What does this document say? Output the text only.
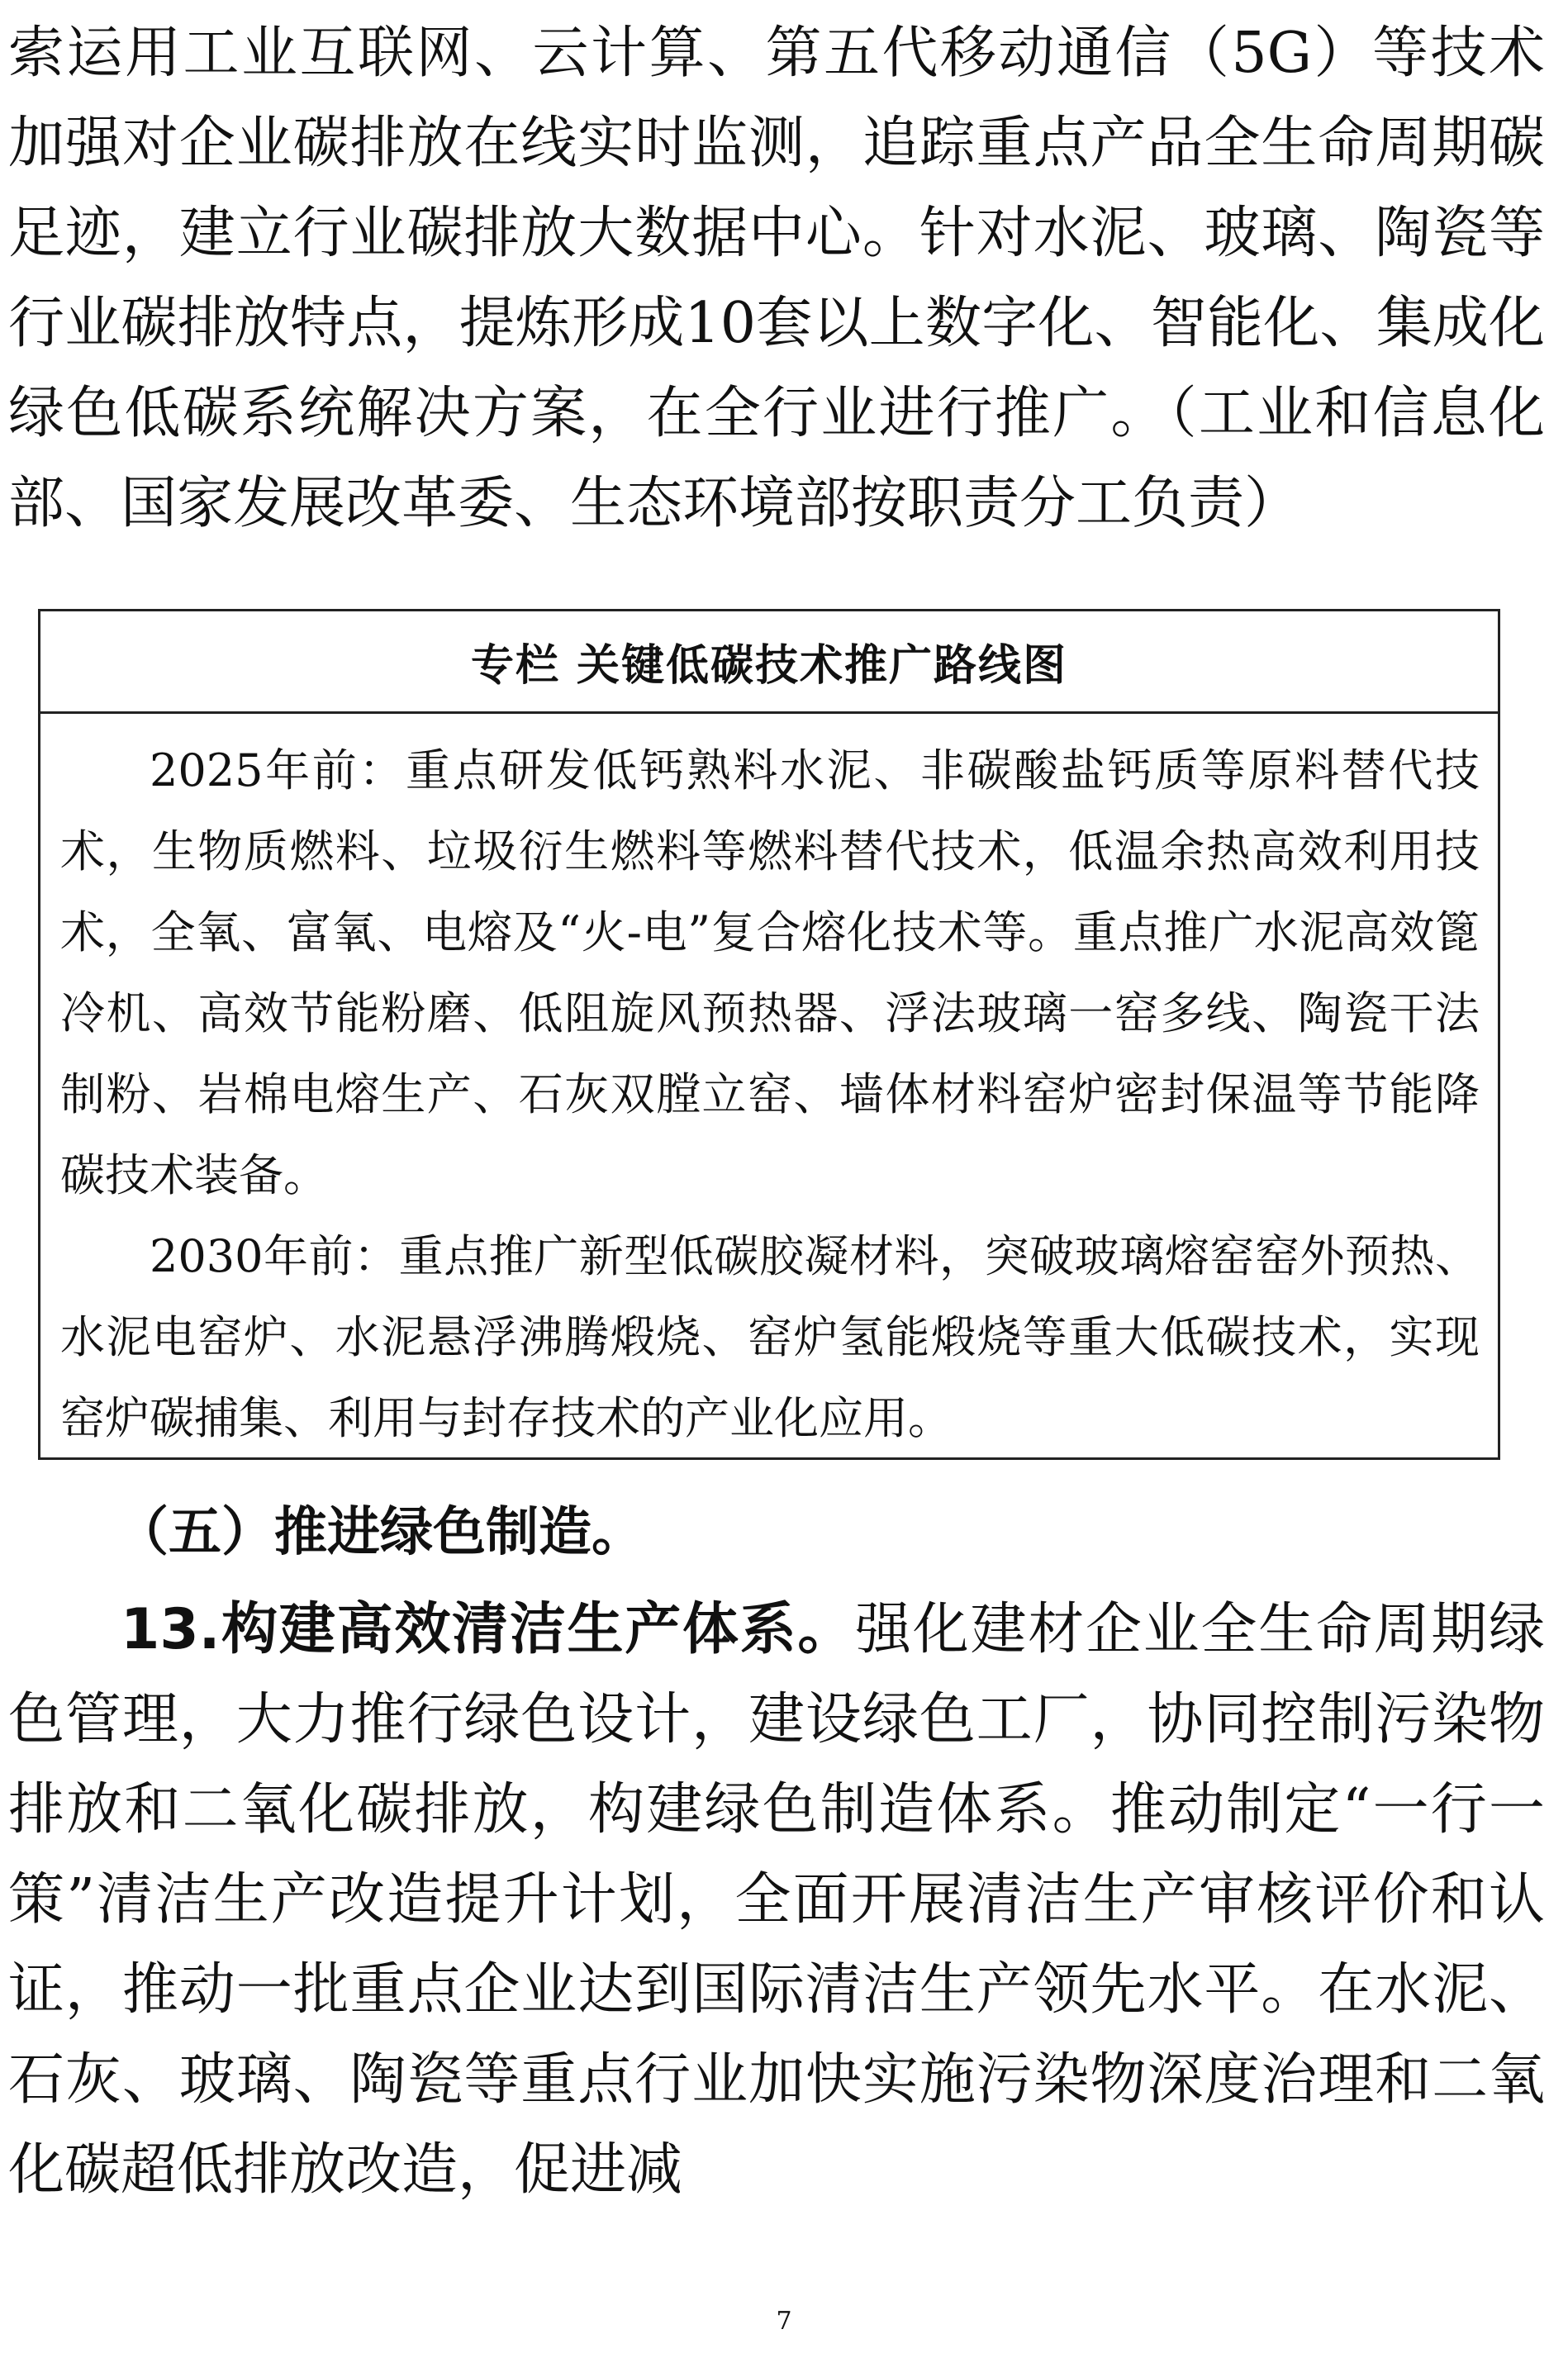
索运用工业互联网、云计算、第五代移动通信（5G）等技术加强对企业碳排放在线实时监测，追踪重点产品全生命周期碳足迹，建立行业碳排放大数据中心。针对水泥、玻璃、陶瓷等行业碳排放特点，提炼形成10套以上数字化、智能化、集成化绿色低碳系统解决方案，在全行业进行推广。（工业和信息化部、国家发展改革委、生态环境部按职责分工负责）

专栏 关键低碳技术推广路线图

2025年前：重点研发低钙熟料水泥、非碳酸盐钙质等原料替代技术，生物质燃料、垃圾衍生燃料等燃料替代技术，低温余热高效利用技术，全氧、富氧、电熔及“火-电”复合熔化技术等。重点推广水泥高效篦冷机、高效节能粉磨、低阻旋风预热器、浮法玻璃一窑多线、陶瓷干法制粉、岩棉电熔生产、石灰双膛立窑、墙体材料窑炉密封保温等节能降碳技术装备。

2030年前：重点推广新型低碳胶凝材料，突破玻璃熔窑窑外预热、水泥电窑炉、水泥悬浮沸腾煅烧、窑炉氢能煅烧等重大低碳技术，实现窑炉碳捕集、利用与封存技术的产业化应用。

（五）推进绿色制造。

13.构建高效清洁生产体系。强化建材企业全生命周期绿色管理，大力推行绿色设计，建设绿色工厂，协同控制污染物排放和二氧化碳排放，构建绿色制造体系。推动制定“一行一策”清洁生产改造提升计划，全面开展清洁生产审核评价和认证，推动一批重点企业达到国际清洁生产领先水平。在水泥、石灰、玻璃、陶瓷等重点行业加快实施污染物深度治理和二氧化碳超低排放改造，促进减

7
